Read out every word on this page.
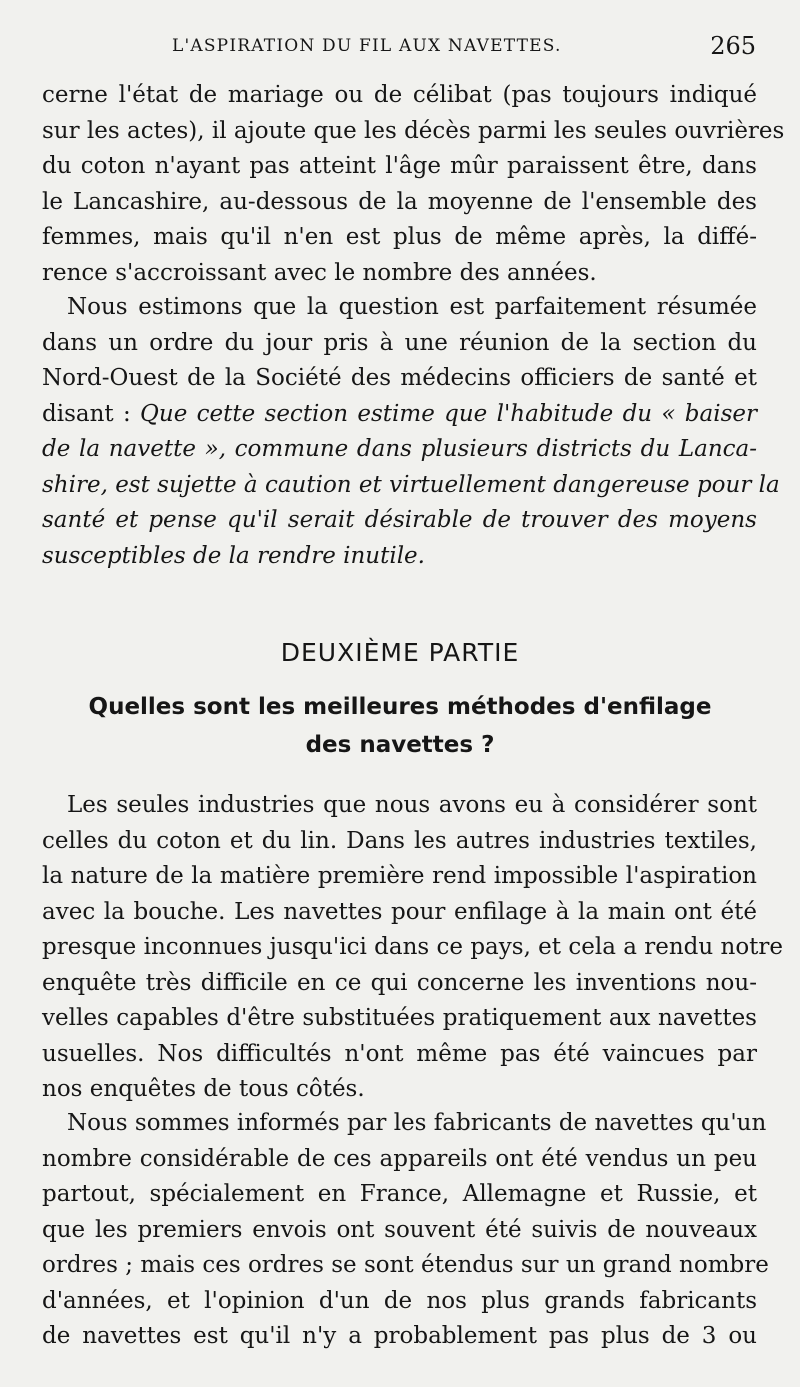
L'ASPIRATION DU FIL AUX NAVETTES.	265
cerne l'état de mariage ou de célibat (pas toujours indiqué
sur les actes), il ajoute que les décès parmi les seules ouvrières
du coton n'ayant pas atteint l'âge mûr paraissent être, dans
le Lancashire, au-dessous de la moyenne de l'ensemble des
femmes, mais qu'il n'en est plus de même après, la diffé-
rence s'accroissant avec le nombre des années.
Nous estimons que la question est parfaitement résumée
dans un ordre du jour pris à une réunion de la section du
Nord-Ouest de la Société des médecins officiers de santé et
disant : Que cette section estime que l'habitude du « baiser
de la navette », commune dans plusieurs districts du Lanca-
shire, est sujette à caution et virtuellement dangereuse pour la
santé et pense qu'il serait désirable de trouver des moyens
susceptibles de la rendre inutile.
DEUXIÈME PARTIE
Quelles sont les meilleures méthodes d'enfilage
des navettes ?
Les seules industries que nous avons eu à considérer sont
celles du coton et du lin. Dans les autres industries textiles,
la nature de la matière première rend impossible l'aspiration
avec la bouche. Les navettes pour enfilage à la main ont été
presque inconnues jusqu'ici dans ce pays, et cela a rendu notre
enquête très difficile en ce qui concerne les inventions nou-
velles capables d'être substituées pratiquement aux navettes
usuelles. Nos difficultés n'ont même pas été vaincues par
nos enquêtes de tous côtés.
Nous sommes informés par les fabricants de navettes qu'un
nombre considérable de ces appareils ont été vendus un peu
partout, spécialement en France, Allemagne et Russie, et
que les premiers envois ont souvent été suivis de nouveaux
ordres ; mais ces ordres se sont étendus sur un grand nombre
d'années, et l'opinion d'un de nos plus grands fabricants
de navettes est qu'il n'y a probablement pas plus de 3 ou
